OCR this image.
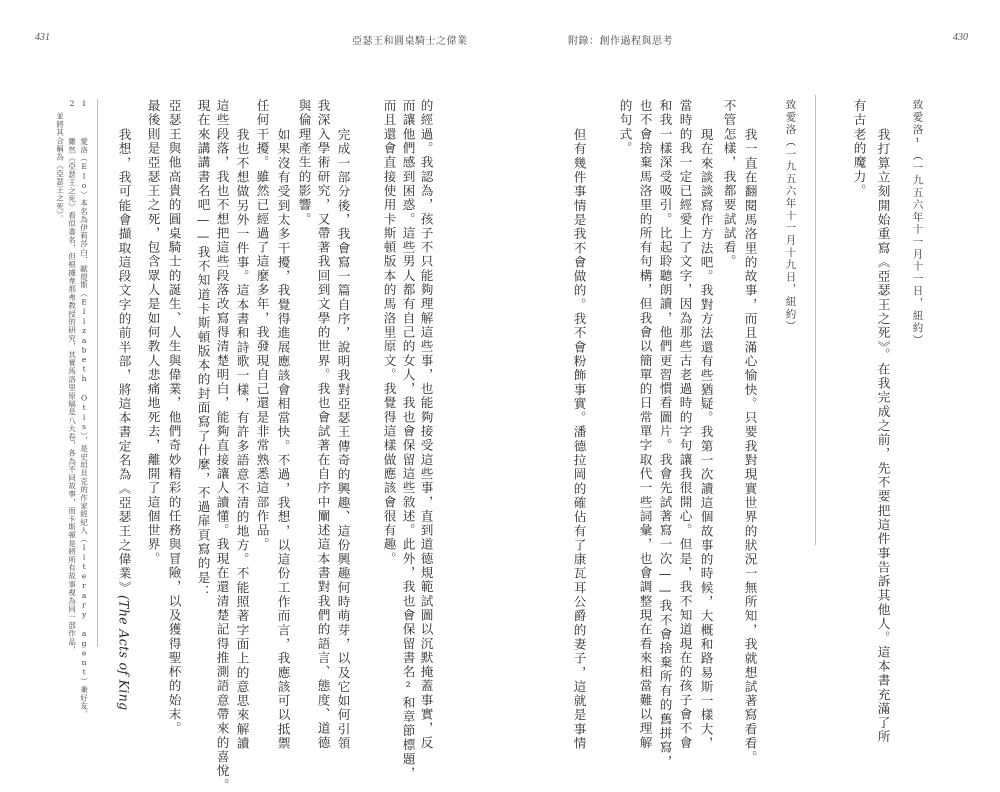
431	亞瑟王和圓桌騎士之偉業
的經過。我認為，孩子不只能夠理解這些事，也能夠接受這些事，直到道德規範試圖以沉默掩蓋事實，反
而讓他們感到困惑。這些男人都有自己的女人，我也會保留這些敘述。此外，我也會保留書名²和章節標題，
而且還會直接使用卡斯頓版本的馬洛里原文。我覺得這樣做應該會很有趣。
完成一部分後，我會寫一篇自序，說明我對亞瑟王傳奇的興趣、這份興趣何時萌芽，以及它如何引領
我深入學術研究，又帶著我回到文學的世界。我也會試著在自序中闡述這本書對我們的語言、態度、道德
與倫理產生的影響。
如果沒有受到太多干擾，我覺得進展應該會相當快。不過，我想，以這份工作而言，我應該可以抵禦
任何干擾。雖然已經過了這麼多年，我發現自己還是非常熟悉這部作品。
我也不想做另外一件事。這本書和詩歌一樣，有許多語意不清的地方。不能照著字面上的意思來解讀
這些段落，我也不想把這些段落改寫得清楚明白，能夠直接讓人讀懂。我現在還清楚記得推測語意帶來的喜悅。
現在來講講書名吧——我不知道卡斯頓版本的封面寫了什麼，不過扉頁寫的是：
亞瑟王與他高貴的圓桌騎士的誕生、人生與偉業，他們奇妙精彩的任務與冒險，以及獲得聖杯的始末。
最後則是亞瑟王之死，包含眾人是如何教人悲痛地死去，離開了這個世界。
我想，我可能會擷取這段文字的前半部，將這本書定名為《亞瑟王之偉業》(The Acts of King
1   愛洛（Elo）本名為伊莉莎白．歐提斯（Elizabeth Otis），是史坦貝克的作家經紀人（literary agent）兼好友。
2   雖然《亞瑟王之死》看似書名，但根據韋那弗教授的研究，其實馬洛里原稿是八大卷，各為不同故事，而卡斯頓是將所有故事視為同一部作品，
並將其合稱為《亞瑟王之死》。
附錄：創作過程與思考	430
致愛洛¹（一九五六年十一月十一日，紐約）
我打算立刻開始重寫《亞瑟王之死》。在我完成之前，先不要把這件事告訴其他人。這本書充滿了所
有古老的魔力。
致愛洛（一九五六年十一月十九日，紐約）
我一直在翻閱馬洛里的故事，而且滿心愉快。只要我對現實世界的狀況一無所知，我就想試著寫看看。
不管怎樣，我都要試試看。
現在來談談寫作方法吧。我對方法還有些猶疑。我第一次讀這個故事的時候，大概和路易斯一樣大，
當時的我一定已經愛上了文字，因為那些古老過時的字句讓我很開心。但是，我不知道現在的孩子會不會
和我一樣深受吸引。比起聆聽朗讀，他們更習慣看圖片。我會先試著寫一次——我不會捨棄所有的舊拼寫，
也不會捨棄馬洛里的所有句構，但我會以簡單的日常單字取代一些詞彙，也會調整現在看來相當難以理解
的句式。
但有幾件事情是我不會做的。我不會粉飾事實。潘德拉岡的確佔有了康瓦耳公爵的妻子，這就是事情
